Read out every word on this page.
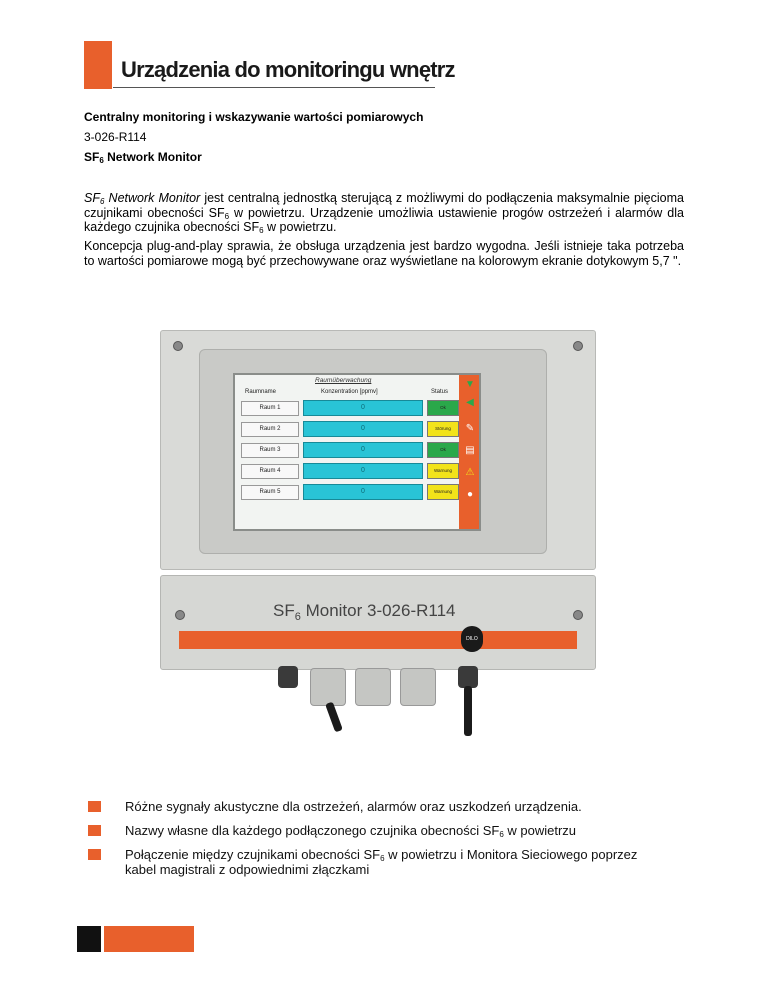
Urządzenia do monitoringu wnętrz
Centralny monitoring i wskazywanie wartości pomiarowych
3-026-R114
$SF_6$ Network Monitor
$SF_6$ Network Monitor jest centralną jednostką sterującą z możliwymi do podłączenia maksymalnie pięcioma czujnikami obecności $SF_6$ w powietrzu. Urządzenie umożliwia ustawienie progów ostrzeżeń i alarmów dla każdego czujnika obecności $SF_6$ w powietrzu.
Koncepcja plug-and-play sprawia, że obsługa urządzenia jest bardzo wygodna. Jeśli istnieje taka potrzeba to wartości pomiarowe mogą być przechowywane oraz wyświetlane na kolorowym ekranie dotykowym 5,7 ".
Raumüberwachung
Raumname	Konzentration [ppmv]	Status
Raum 1	0	Ok
Raum 2	0	Störung
Raum 3	0	Ok
Raum 4	0	Warnung
Raum 5	0	Warnung
▼
◀
✎
▤
⚠
●
$SF_6$ Monitor 3-026-R114
DILO
Różne sygnały akustyczne dla ostrzeżeń, alarmów oraz uszkodzeń urządzenia.
Nazwy własne dla każdego podłączonego czujnika obecności $SF_6$ w powietrzu
Połączenie między czujnikami obecności $SF_6$ w powietrzu i Monitora Sieciowego poprzez kabel magistrali z odpowiednimi złączkami
